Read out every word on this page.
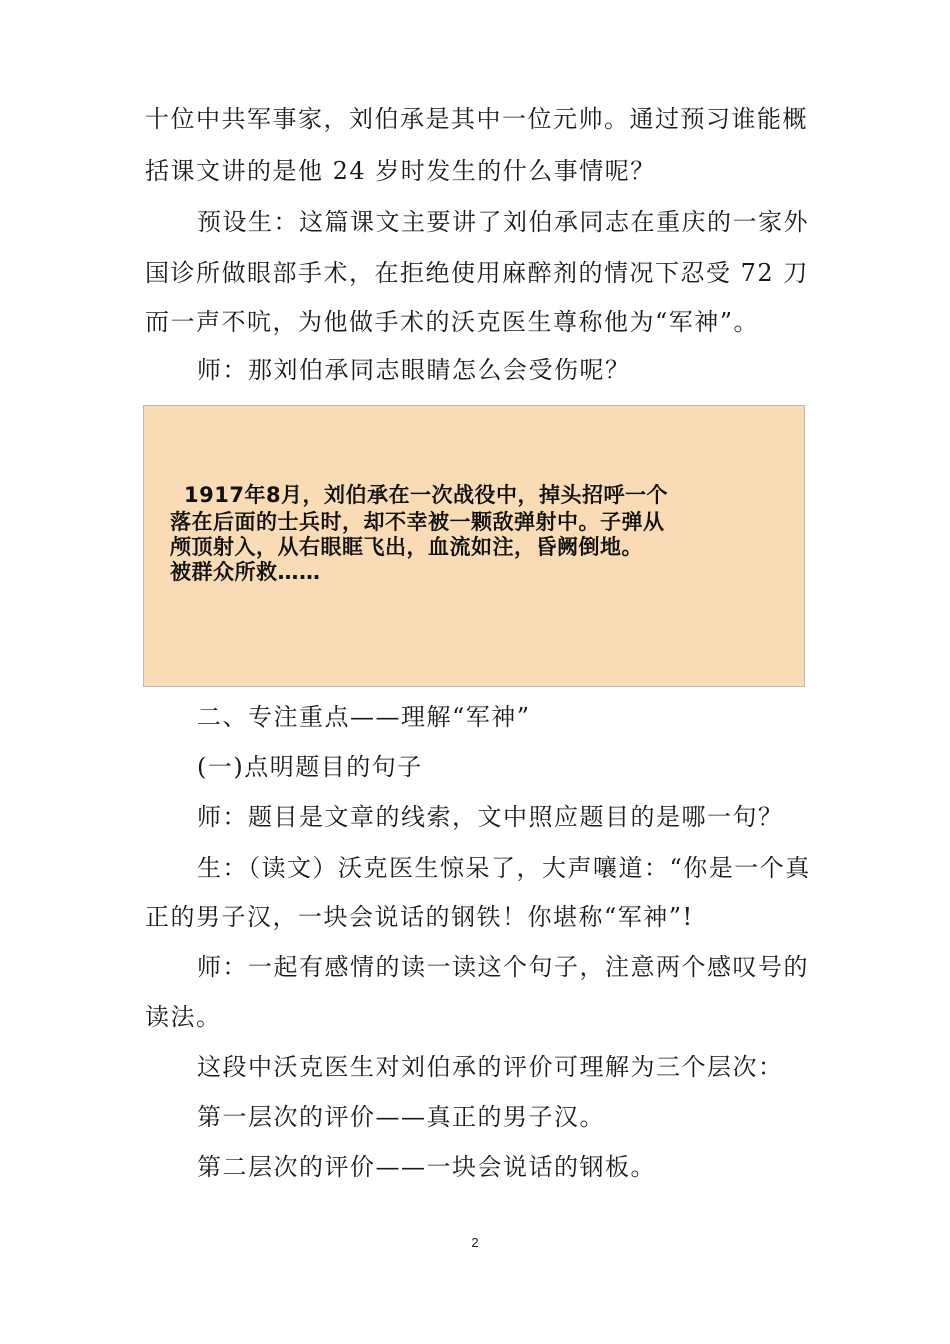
十位中共军事家，刘伯承是其中一位元帅。通过预习谁能概
括课文讲的是他 24 岁时发生的什么事情呢？
预设生：这篇课文主要讲了刘伯承同志在重庆的一家外
国诊所做眼部手术，在拒绝使用麻醉剂的情况下忍受 72 刀
而一声不吭，为他做手术的沃克医生尊称他为“军神”。
师：那刘伯承同志眼睛怎么会受伤呢？
1917年8月，刘伯承在一次战役中，掉头招呼一个
落在后面的士兵时，却不幸被一颗敌弹射中。子弹从
颅顶射入，从右眼眶飞出，血流如注，昏阙倒地。
被群众所救……
二、专注重点——理解“军神”
(一)点明题目的句子
师：题目是文章的线索，文中照应题目的是哪一句？
生：（读文）沃克医生惊呆了，大声嚷道：“你是一个真
正的男子汉，一块会说话的钢铁！你堪称“军神”!
师：一起有感情的读一读这个句子，注意两个感叹号的
读法。
这段中沃克医生对刘伯承的评价可理解为三个层次：
第一层次的评价——真正的男子汉。
第二层次的评价——一块会说话的钢板。
2
